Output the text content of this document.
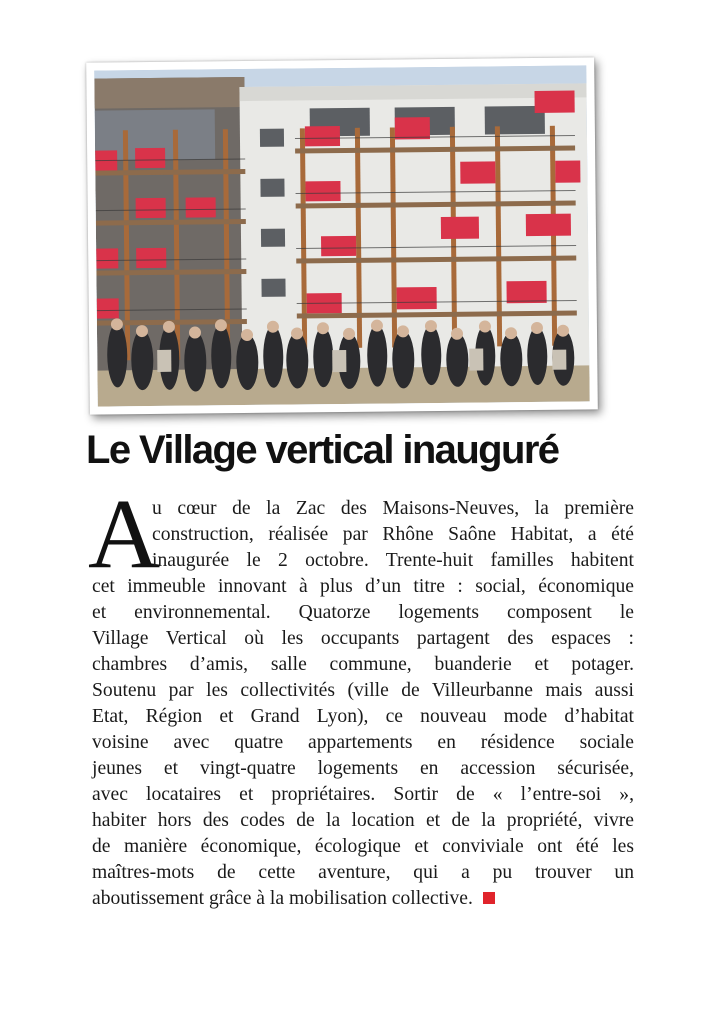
Le Village vertical inauguré
A
u cœur de la Zac des Maisons-Neuves, la première
construction, réalisée par Rhône Saône Habitat, a été
inaugurée le 2 octobre. Trente-huit familles habitent
cet immeuble innovant à plus d’un titre : social, économique
et environnemental. Quatorze logements composent le
Village Vertical où les occupants partagent des espaces :
chambres d’amis, salle commune, buanderie et potager.
Soutenu par les collectivités (ville de Villeurbanne mais aussi
Etat, Région et Grand Lyon), ce nouveau mode d’habitat
voisine avec quatre appartements en résidence sociale
jeunes et vingt-quatre logements en accession sécurisée,
avec locataires et propriétaires. Sortir de « l’entre-soi »,
habiter hors des codes de la location et de la propriété, vivre
de manière économique, écologique et conviviale ont été les
maîtres-mots de cette aventure, qui a pu trouver un
aboutissement grâce à la mobilisation collective.
